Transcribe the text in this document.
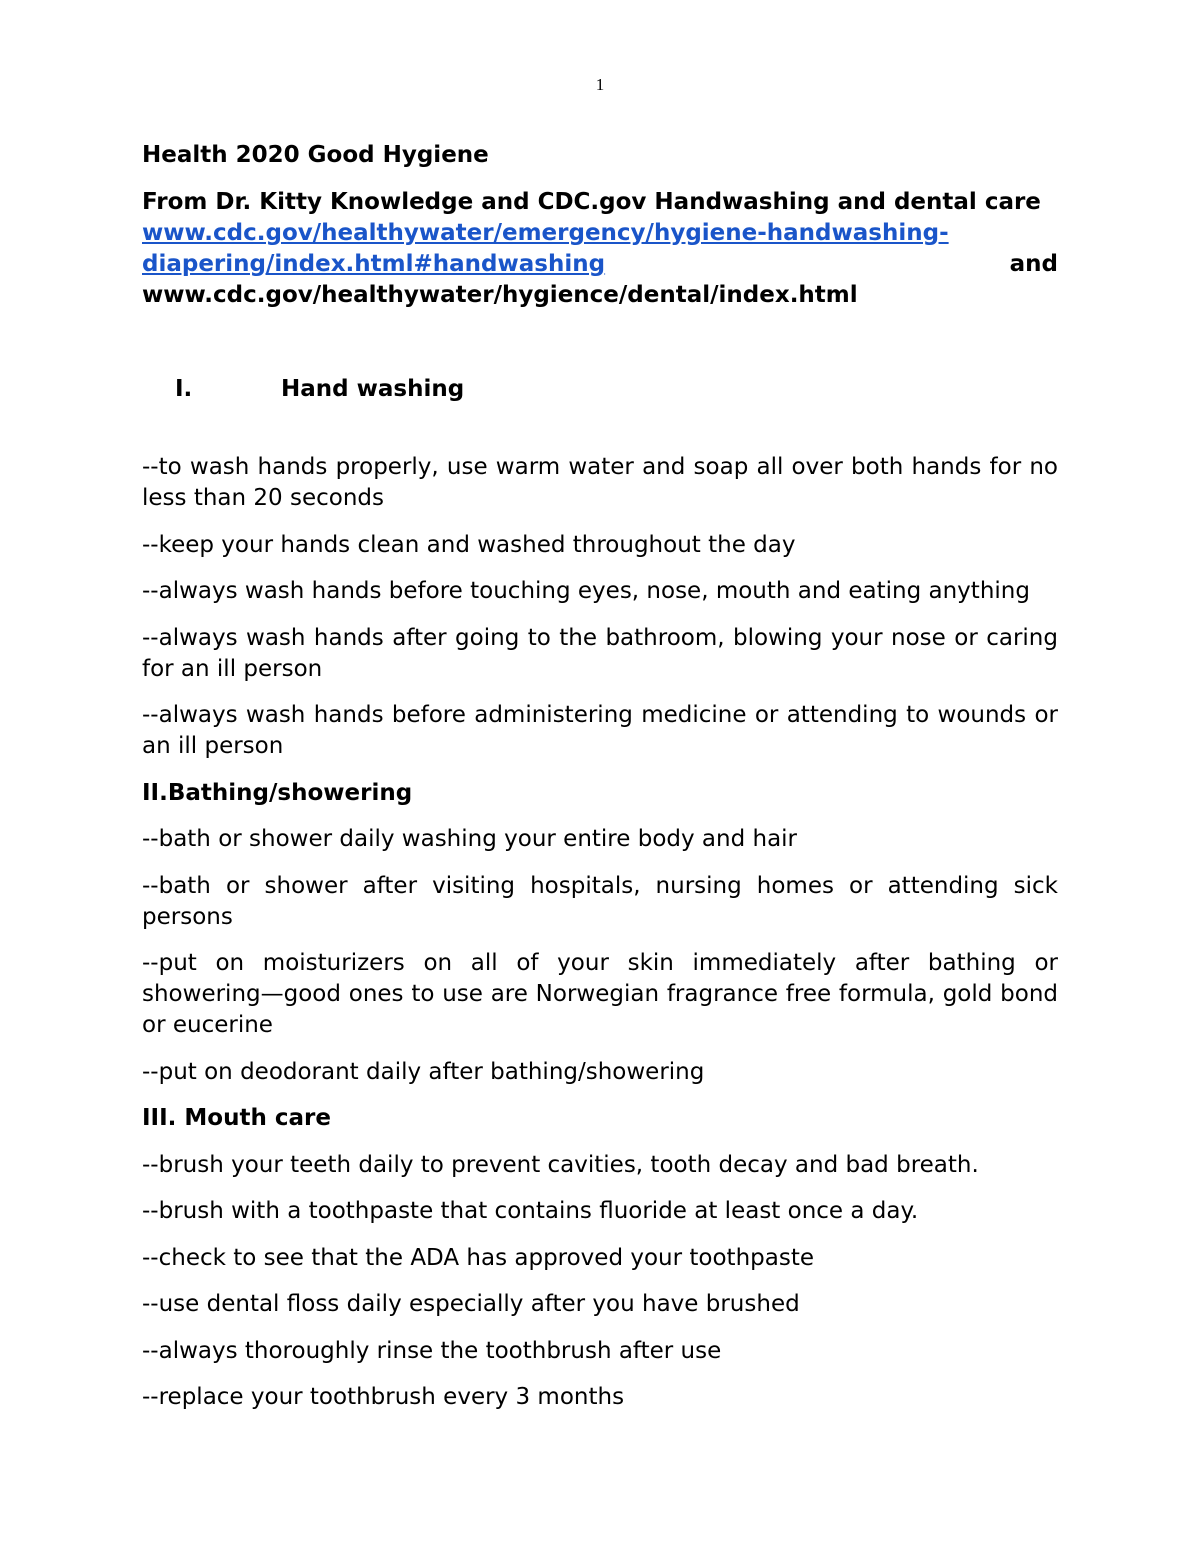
1
Health 2020 Good Hygiene
From Dr. Kitty Knowledge and CDC.gov Handwashing and dental care
www.cdc.gov/healthywater/emergency/hygiene-handwashing-
diapering/index.html#handwashing	and
www.cdc.gov/healthywater/hygience/dental/index.html
I.	Hand washing

--to wash hands properly, use warm water and soap all over both hands for no less than 20 seconds

--keep your hands clean and washed throughout the day

--always wash hands before touching eyes, nose, mouth and eating anything

--always wash hands after going to the bathroom, blowing your nose or caring for an ill person

--always wash hands before administering medicine or attending to wounds or an ill person

II.Bathing/showering

--bath or shower daily washing your entire body and hair

--bath or shower after visiting hospitals, nursing homes or attending sick persons

--put on moisturizers on all of your skin immediately after bathing or showering—good ones to use are Norwegian fragrance free formula, gold bond or eucerine

--put on deodorant daily after bathing/showering

III. Mouth care

--brush your teeth daily to prevent cavities, tooth decay and bad breath.

--brush with a toothpaste that contains fluoride at least once a day.

--check to see that the ADA has approved your toothpaste

--use dental floss daily especially after you have brushed

--always thoroughly rinse the toothbrush after use

--replace your toothbrush every 3 months
